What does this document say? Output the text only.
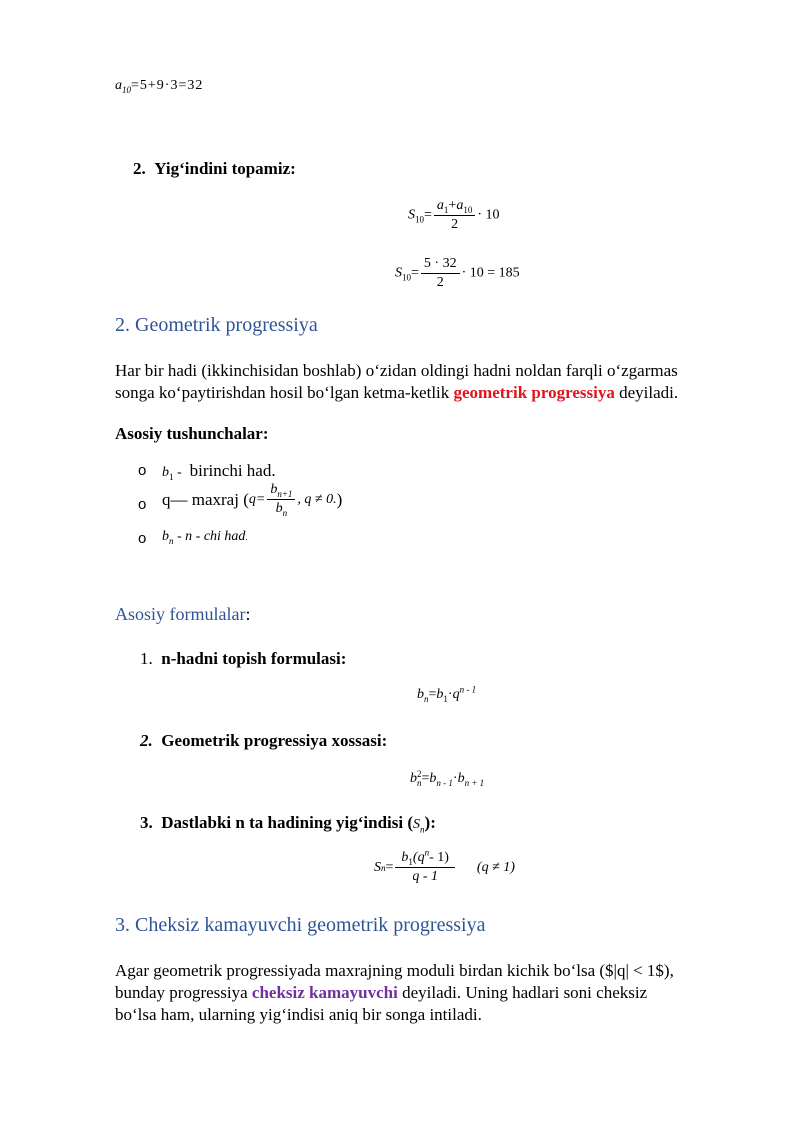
$a_{10}=5+9\cdot 3=32$
2. Yig‘indini topamiz:
$S_{10}= \frac{a_1+a_{10}}{2} \cdot 10$
$S_{10}= \frac{5 \cdot 32}{2} \cdot 10 = 185$
2. Geometrik progressiya
Har bir hadi (ikkinchisidan boshlab) o‘zidan oldingi hadni noldan farqli o‘zgarmas
songa ko‘paytirishdan hosil bo‘lgan ketma-ketlik geometrik progressiya deyiladi.
Asosiy tushunchalar:
o $b_1$ - birinchi had.
o q— maxraj ( $q= \frac{b_{n+1}}{b_n}$ , q ≠ 0. )
o $b_n$ - n - chi had.
Asosiy formulalar:
1. n-hadni topish formulasi:
$b_n=b_1\cdot q^{n - 1}$
2. Geometrik progressiya xossasi:
b 2
$n =b_{n - 1}\cdot b_{n + 1}$
3. Dastlabki n ta hadining yig‘indisi $(S_n)$:
S $n = \frac{b_1(q^n- 1)}{q - 1} (q \ne 1)$
3. Cheksiz kamayuvchi geometrik progressiya
Agar geometrik progressiyada maxrajning moduli birdan kichik bo‘lsa ($|q| < 1$),
bunday progressiya cheksiz kamayuvchi deyiladi. Uning hadlari soni cheksiz
bo‘lsa ham, ularning yig‘indisi aniq bir songa intiladi.
